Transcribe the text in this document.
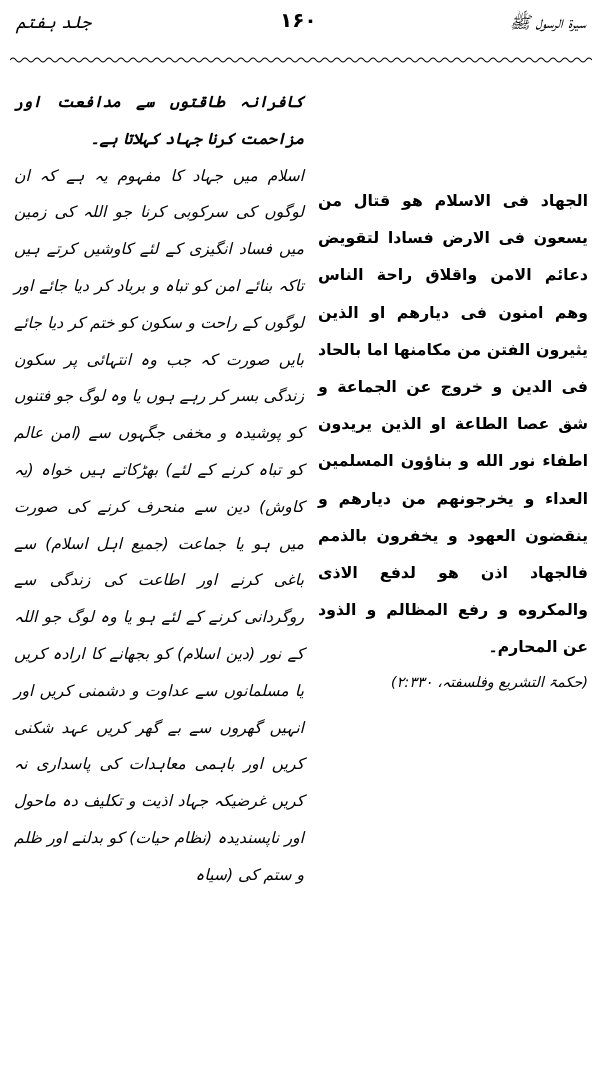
جلد ہفتم	۱۶۰	سیرۃ الرسول ﷺ

کافرانہ طاقتوں سے مدافعت اور مزاحمت کرنا جہاد کہلاتا ہے۔

اسلام میں جہاد کا مفہوم یہ ہے کہ ان لوگوں کی سرکوبی کرنا جو اللہ کی زمین میں فساد انگیزی کے لئے کاوشیں کرتے ہیں تاکہ بنائے امن کو تباہ و برباد کر دیا جائے اور لوگوں کے راحت و سکون کو ختم کر دیا جائے بایں صورت کہ جب وہ انتہائی پر سکون زندگی بسر کر رہے ہوں یا وہ لوگ جو فتنوں کو پوشیدہ و مخفی جگہوں سے (امن عالم کو تباہ کرنے کے لئے) بھڑکاتے ہیں خواہ (یہ کاوش) دین سے منحرف کرنے کی صورت میں ہو یا جماعت (جمیع اہل اسلام) سے باغی کرنے اور اطاعت کی زندگی سے روگردانی کرنے کے لئے ہو یا وہ لوگ جو اللہ کے نور (دین اسلام) کو بجھانے کا ارادہ کریں یا مسلمانوں سے عداوت و دشمنی کریں اور انہیں گھروں سے بے گھر کریں عہد شکنی کریں اور باہمی معاہدات کی پاسداری نہ کریں غرضیکہ جہاد اذیت و تکلیف دہ ماحول اور ناپسندیدہ (نظام حیات) کو بدلنے اور ظلم و ستم کی (سیاہ

الجهاد فی الاسلام هو قتال من يسعون فی الارض فسادا لتقويض دعائم الامن واقلاق راحة الناس وهم امنون فی ديارهم او الذين يثيرون الفتن من مكامنها اما بالحاد فی الدين و خروج عن الجماعة و شق عصا الطاعة او الذين يريدون اطفاء نور الله و بناؤون المسلمين العداء و يخرجونهم من ديارهم و ينقضون العهود و يخفرون بالذمم فالجهاد اذن هو لدفع الاذى والمكروه و رفع المظالم و الذود عن المحارم۔

(حکمۃ التشریع وفلسفتہ، ۲:۳۳۰)
